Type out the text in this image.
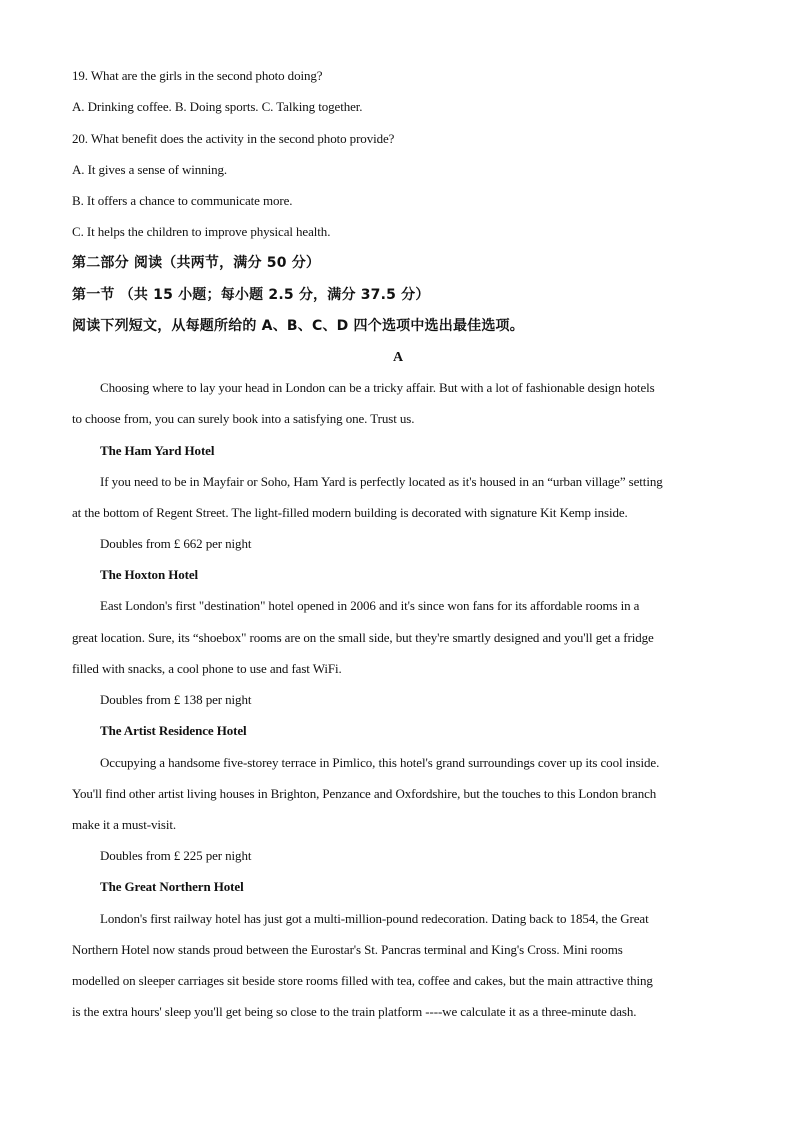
19. What are the girls in the second photo doing?
A. Drinking coffee. B. Doing sports. C. Talking together.
20. What benefit does the activity in the second photo provide?
A. It gives a sense of winning.
B. It offers a chance to communicate more.
C. It helps the children to improve physical health.
第二部分 阅读（共两节，满分 50 分）
第一节 （共 15 小题；每小题 2.5 分，满分 37.5 分）
阅读下列短文，从每题所给的 A、B、C、D 四个选项中选出最佳选项。
A
Choosing where to lay your head in London can be a tricky affair. But with a lot of fashionable design hotels
to choose from, you can surely book into a satisfying one. Trust us.
The Ham Yard Hotel
If you need to be in Mayfair or Soho, Ham Yard is perfectly located as it's housed in an “urban village” setting
at the bottom of Regent Street. The light-filled modern building is decorated with signature Kit Kemp inside.
Doubles from £ 662 per night
The Hoxton Hotel
East London's first "destination" hotel opened in 2006 and it's since won fans for its affordable rooms in a
great location. Sure, its “shoebox" rooms are on the small side, but they're smartly designed and you'll get a fridge
filled with snacks, a cool phone to use and fast WiFi.
Doubles from £ 138 per night
The Artist Residence Hotel
Occupying a handsome five-storey terrace in Pimlico, this hotel's grand surroundings cover up its cool inside.
You'll find other artist living houses in Brighton, Penzance and Oxfordshire, but the touches to this London branch
make it a must-visit.
Doubles from £ 225 per night
The Great Northern Hotel
London's first railway hotel has just got a multi-million-pound redecoration. Dating back to 1854, the Great
Northern Hotel now stands proud between the Eurostar's St. Pancras terminal and King's Cross. Mini rooms
modelled on sleeper carriages sit beside store rooms filled with tea, coffee and cakes, but the main attractive thing
is the extra hours' sleep you'll get being so close to the train platform ----we calculate it as a three-minute dash.
